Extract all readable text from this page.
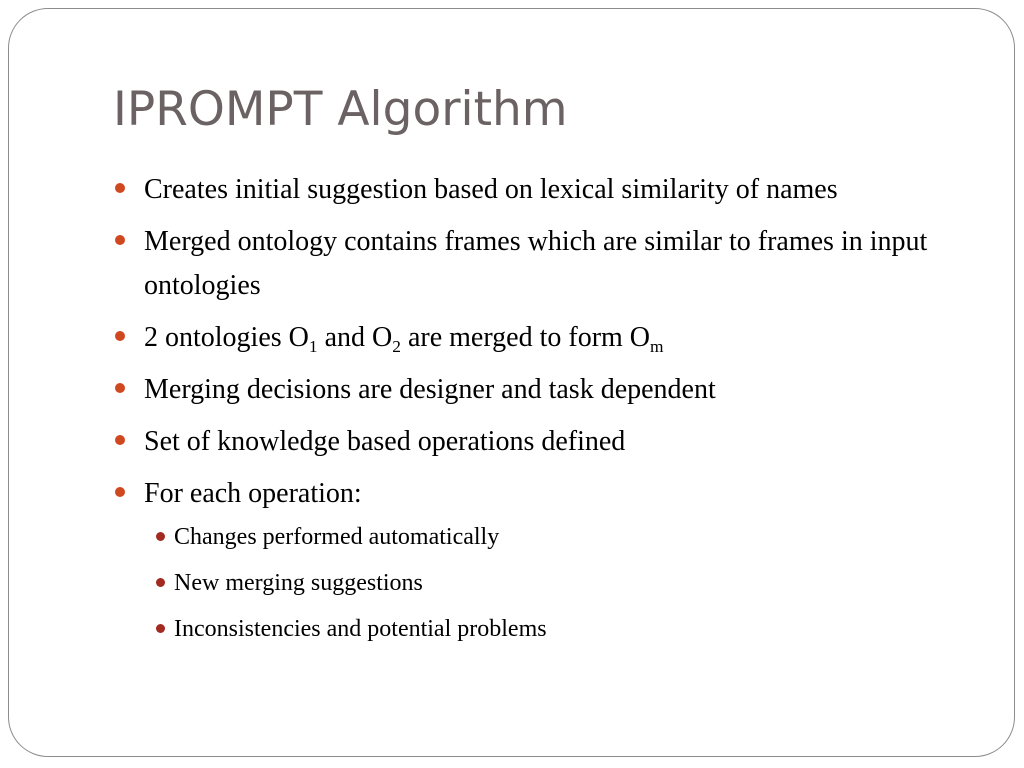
IPROMPT Algorithm
Creates initial suggestion based on lexical similarity of names
Merged ontology contains frames which are similar to frames in input ontologies
2 ontologies $O_1$ and $O_2$ are merged to form $O_m$
Merging decisions are designer and task dependent
Set of knowledge based operations defined
For each operation:
Changes performed automatically
New merging suggestions
Inconsistencies and potential problems
